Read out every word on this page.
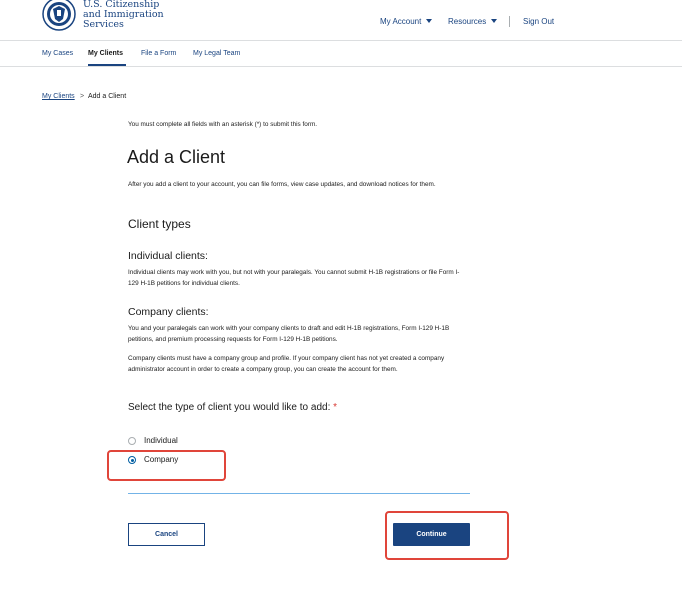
U.S. Citizenship
and Immigration
Services	My Account	Resources	Sign Out
My Cases My Clients	File a Form My Legal Team
My Clients > Add a Client

You must complete all fields with an asterisk (*) to submit this form.

Add a Client

After you add a client to your account, you can file forms, view case updates, and download notices for them.

Client types
Individual clients:

Individual clients may work with you, but not with your paralegals. You cannot submit H-1B registrations or file Form I-129 H-1B petitions for individual clients.

Company clients:

You and your paralegals can work with your company clients to draft and edit H-1B registrations, Form I-129 H-1B petitions, and premium processing requests for Form I-129 H-1B petitions.

Company clients must have a company group and profile. If your company client has not yet created a company administrator account in order to create a company group, you can create the account for them.

Select the type of client you would like to add: *
Individual
Company
Cancel	Continue
